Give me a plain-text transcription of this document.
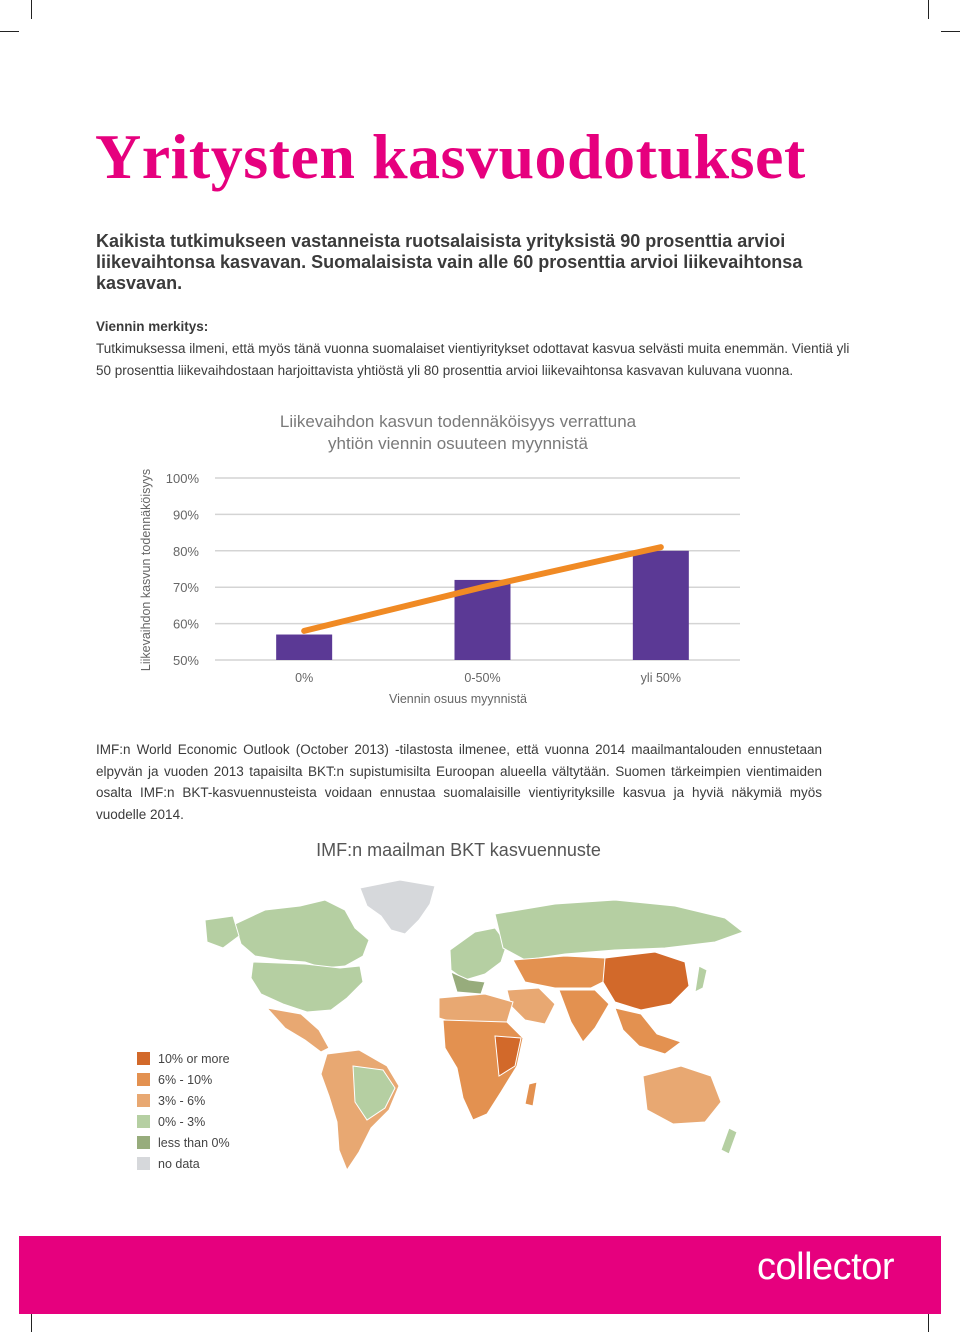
Yritysten kasvuodotukset

Kaikista tutkimukseen vastanneista ruotsalaisista yrityksistä 90 prosenttia arvioi liikevaihtonsa kasvavan. Suomalaisista vain alle 60 prosenttia arvioi liikevaihtonsa kasvavan.

Viennin merkitys:

Tutkimuksessa ilmeni, että myös tänä vuonna suomalaiset vientiyritykset odottavat kasvua selvästi muita enemmän. Vientiä yli 50 prosenttia liikevaihdostaan harjoittavista yhtiöstä yli 80 prosenttia arvioi liikevaihtonsa kasvavan kuluvana vuonna.

Liikevaihdon kasvun todennäköisyys verrattuna
yhtiön viennin osuuteen myynnistä
Liikevaihdon kasvun todennäköisyys 50%
60%
70%
80%
90%
100%
0%	0-50%	yli 50%
Viennin osuus myynnistä

IMF:n World Economic Outlook (October 2013) -tilastosta ilmenee, että vuonna 2014 maailmantalouden ennustetaan elpyvän ja vuoden 2013 tapaisilta BKT:n supistumisilta Euroopan alueella vältytään. Suomen tärkeimpien vientimaiden osalta IMF:n BKT-kasvuennusteista voidaan ennustaa suomalaisille vientiyrityksille kasvua ja hyviä näkymiä myös vuodelle 2014.

IMF:n maailman BKT kasvuennuste

10% or more
6% - 10%
3% - 6%
0% - 3%
less than 0%
no data
collector
